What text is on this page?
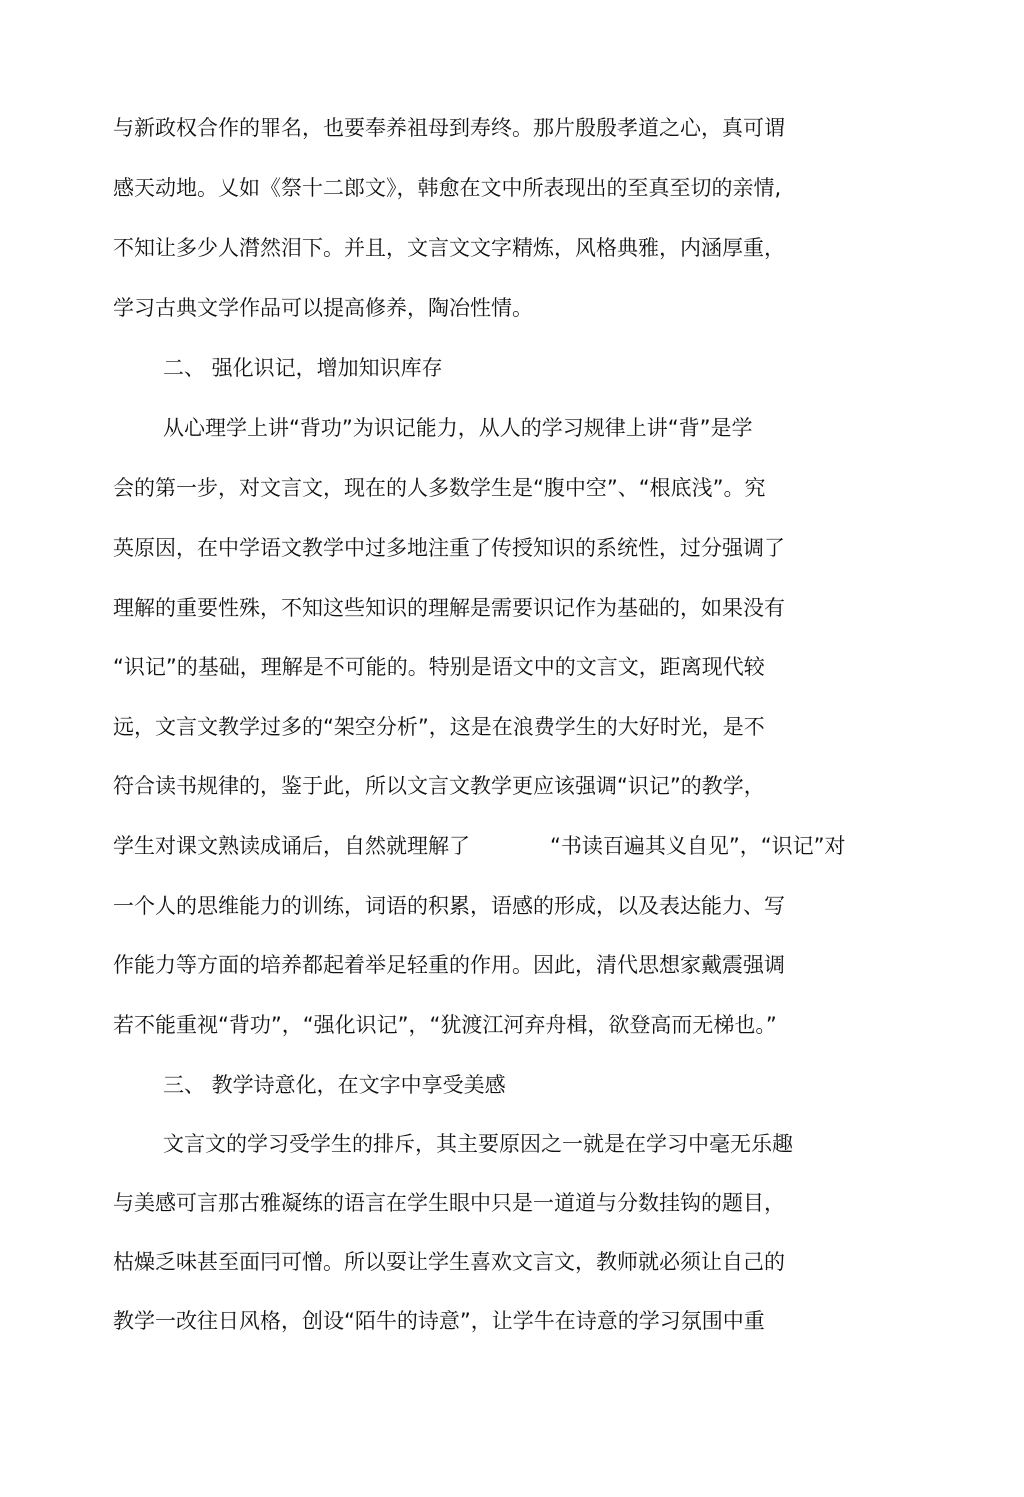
与新政权合作的罪名，也要奉养祖母到寿终。那片殷殷孝道之心，真可谓
感天动地。乂如《祭十二郎文》，韩愈在文中所表现出的至真至切的亲情,
不知让多少人潸然泪下。并且，文言文文字精炼，风格典雅，内涵厚重，
学习古典文学作品可以提高修养，陶冶性情。
二、 强化识记，增加知识库存
从心理学上讲“背功”为识记能力，从人的学习规律上讲“背”是学
会的第一步，对文言文，现在的人多数学生是“腹中空”、“根底浅”。究
英原因，在中学语文教学中过多地注重了传授知识的系统性，过分强调了
理解的重要性殊，不知这些知识的理解是需要识记作为基础的，如果没有
“识记”的基础，理解是不可能的。特别是语文中的文言文，距离现代较
远，文言文教学过多的“架空分析”，这是在浪费学生的大好时光，是不
符合读书规律的，鉴于此，所以文言文教学更应该强调“识记”的教学，
学生对课文熟读成诵后，自然就理解了	“书读百遍其义自见”，“识记”对
一个人的思维能力的训练，词语的积累，语感的形成，以及表达能力、写
作能力等方面的培养都起着举足轻重的作用。因此，清代思想家戴震强调
若不能重视“背功”，“强化识记”，“犹渡江河弃舟楫，欲登高而无梯也。”
三、 教学诗意化，在文字中享受美感
文言文的学习受学生的排斥，其主要原因之一就是在学习中毫无乐趣
与美感可言那古雅凝练的语言在学生眼中只是一道道与分数挂钩的题目，
枯燥乏味甚至面冃可憎。所以耍让学生喜欢文言文，教师就必须让自己的
教学一改往日风格，创设“陌牛的诗意”，让学牛在诗意的学习氛围中重
